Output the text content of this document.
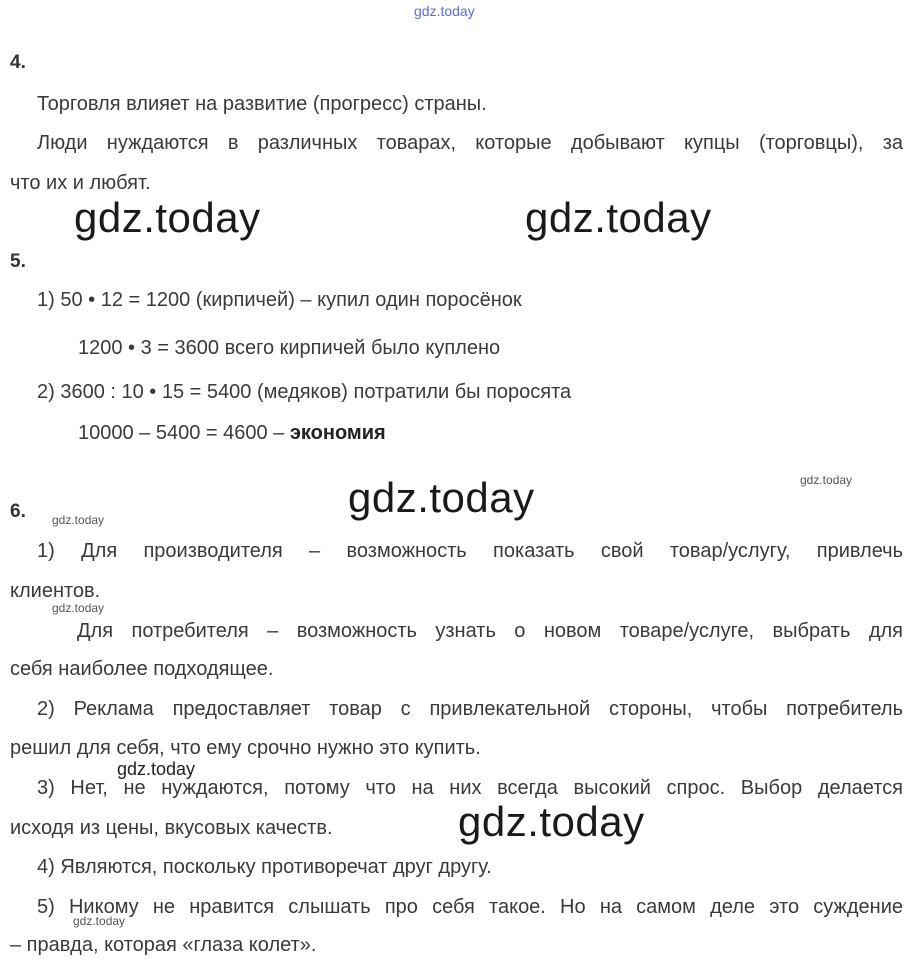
gdz.today
gdz.today	gdz.today
gdz.today
gdz.today
gdz.today
gdz.today
gdz.today
gdz.today
gdz.today
4.
Торговля влияет на развитие (прогресс) страны.
Люди нуждаются в различных товарах, которые добывают купцы (торговцы), за
что их и любят.
5.
1) 50 • 12 = 1200 (кирпичей) – купил один поросёнок
1200 • 3 = 3600 всего кирпичей было куплено
2) 3600 : 10 • 15 = 5400 (медяков) потратили бы поросята
10000 – 5400 = 4600 – экономия
6.
1) Для производителя – возможность показать свой товар/услугу, привлечь
клиентов.
Для потребителя – возможность узнать о новом товаре/услуге, выбрать для
себя наиболее подходящее.
2) Реклама предоставляет товар с привлекательной стороны, чтобы потребитель
решил для себя, что ему срочно нужно это купить.
3) Нет, не нуждаются, потому что на них всегда высокий спрос. Выбор делается
исходя из цены, вкусовых качеств.
4) Являются, поскольку противоречат друг другу.
5) Никому не нравится слышать про себя такое. Но на самом деле это суждение
– правда, которая «глаза колет».
